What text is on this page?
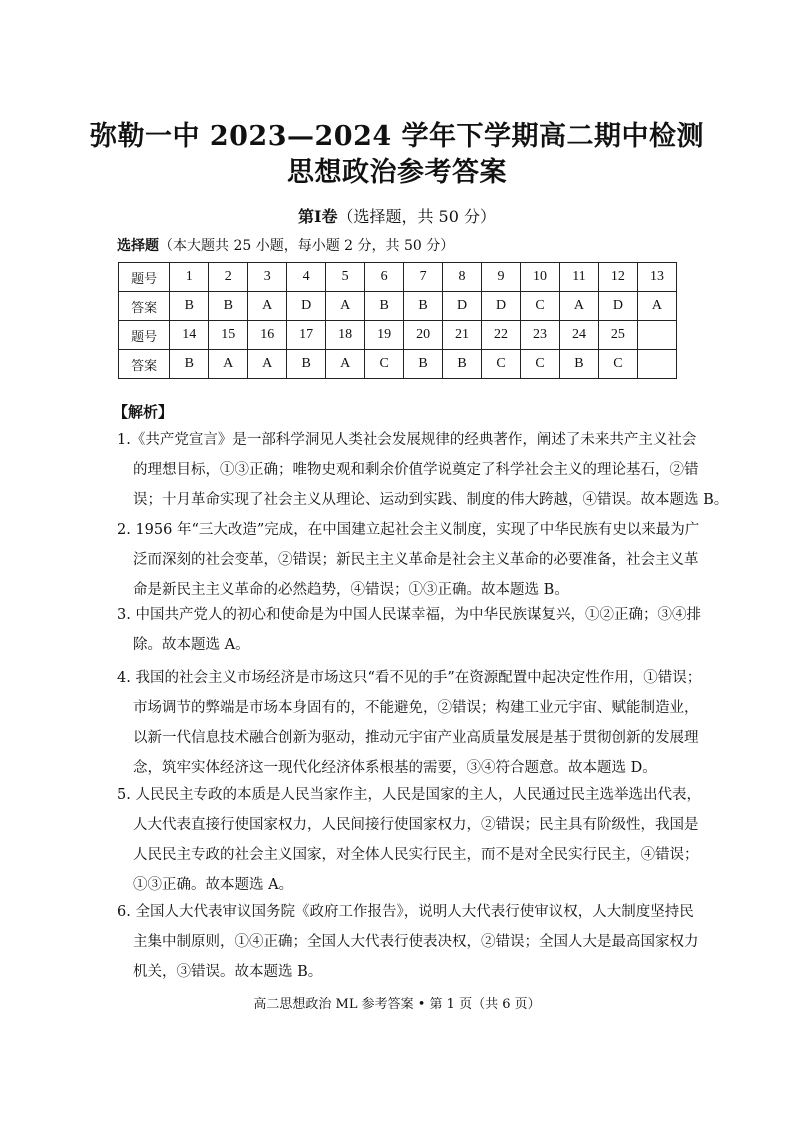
弥勒一中 2023—2024 学年下学期高二期中检测
思想政治参考答案
第Ⅰ卷（选择题，共 50 分）
选择题（本大题共 25 小题，每小题 2 分，共 50 分）
题号	1	2	3	4	5	6	7	8	9	10	11	12	13
答案	B	B	A	D	A	B	B	D	D	C	A	D	A
题号	14	15	16	17	18	19	20	21	22	23	24	25	
答案	B	A	A	B	A	C	B	B	C	C	B	C	
【解析】
1.《共产党宣言》是一部科学洞见人类社会发展规律的经典著作，阐述了未来共产主义社会
的理想目标，①③正确；唯物史观和剩余价值学说奠定了科学社会主义的理论基石，②错
误；十月革命实现了社会主义从理论、运动到实践、制度的伟大跨越，④错误。故本题选 B。
2. 1956 年“三大改造”完成，在中国建立起社会主义制度，实现了中华民族有史以来最为广
泛而深刻的社会变革，②错误；新民主主义革命是社会主义革命的必要准备，社会主义革
命是新民主主义革命的必然趋势，④错误；①③正确。故本题选 B。
3. 中国共产党人的初心和使命是为中国人民谋幸福，为中华民族谋复兴，①②正确；③④排
除。故本题选 A。
4. 我国的社会主义市场经济是市场这只“看不见的手”在资源配置中起决定性作用，①错误；
市场调节的弊端是市场本身固有的，不能避免，②错误；构建工业元宇宙、赋能制造业，
以新一代信息技术融合创新为驱动，推动元宇宙产业高质量发展是基于贯彻创新的发展理
念，筑牢实体经济这一现代化经济体系根基的需要，③④符合题意。故本题选 D。
5. 人民民主专政的本质是人民当家作主，人民是国家的主人，人民通过民主选举选出代表，
人大代表直接行使国家权力，人民间接行使国家权力，②错误；民主具有阶级性，我国是
人民民主专政的社会主义国家，对全体人民实行民主，而不是对全民实行民主，④错误；
①③正确。故本题选 A。
6. 全国人大代表审议国务院《政府工作报告》，说明人大代表行使审议权，人大制度坚持民
主集中制原则，①④正确；全国人大代表行使表决权，②错误；全国人大是最高国家权力
机关，③错误。故本题选 B。
高二思想政治 ML 参考答案 • 第 1 页（共 6 页）
